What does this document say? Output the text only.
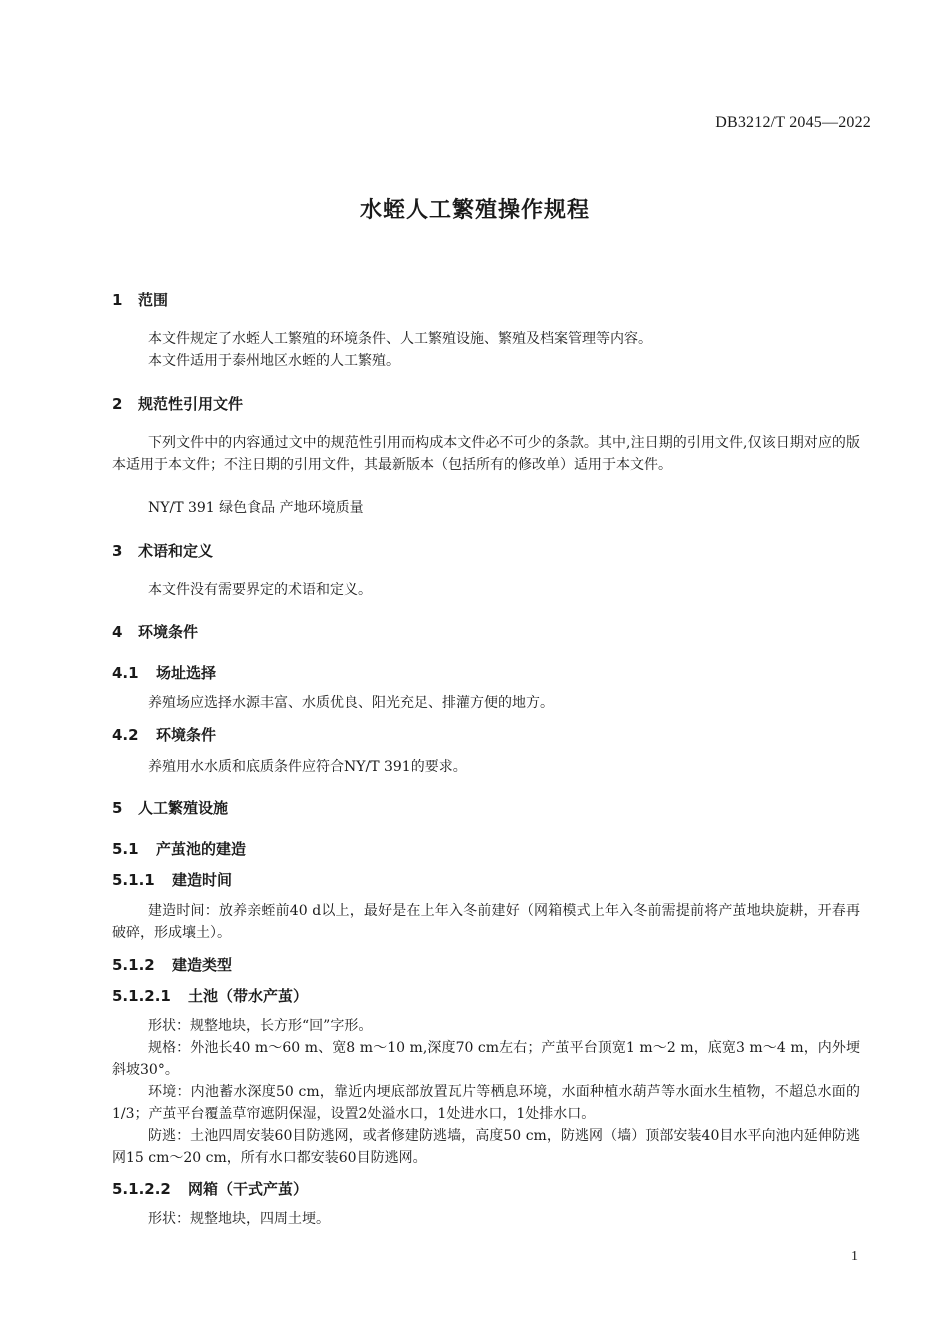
DB3212/T 2045—2022
水蛭人工繁殖操作规程
1 范围

本文件规定了水蛭人工繁殖的环境条件、人工繁殖设施、繁殖及档案管理等内容。

本文件适用于泰州地区水蛭的人工繁殖。

2 规范性引用文件

下列文件中的内容通过文中的规范性引用而构成本文件必不可少的条款。其中,注日期的引用文件,仅该日期对应的版本适用于本文件；不注日期的引用文件，其最新版本（包括所有的修改单）适用于本文件。

NY/T 391 绿色食品 产地环境质量

3 术语和定义

本文件没有需要界定的术语和定义。

4 环境条件
4.1 场址选择

养殖场应选择水源丰富、水质优良、阳光充足、排灌方便的地方。

4.2 环境条件

养殖用水水质和底质条件应符合NY/T 391的要求。

5 人工繁殖设施
5.1 产茧池的建造
5.1.1 建造时间

建造时间：放养亲蛭前40 d以上，最好是在上年入冬前建好（网箱模式上年入冬前需提前将产茧地块旋耕，开春再破碎，形成壤土）。

5.1.2 建造类型
5.1.2.1 土池（带水产茧）

形状：规整地块，长方形“回”字形。

规格：外池长40 m～60 m、宽8 m～10 m,深度70 cm左右；产茧平台顶宽1 m～2 m，底宽3 m～4 m，内外埂斜坡30°。

环境：内池蓄水深度50 cm，靠近内埂底部放置瓦片等栖息环境，水面种植水葫芦等水面水生植物，不超总水面的1/3；产茧平台覆盖草帘遮阴保湿，设置2处溢水口，1处进水口，1处排水口。

防逃：土池四周安装60目防逃网，或者修建防逃墙，高度50 cm，防逃网（墙）顶部安装40目水平向池内延伸防逃网15 cm～20 cm，所有水口都安装60目防逃网。

5.1.2.2 网箱（干式产茧）

形状：规整地块，四周土埂。

1
